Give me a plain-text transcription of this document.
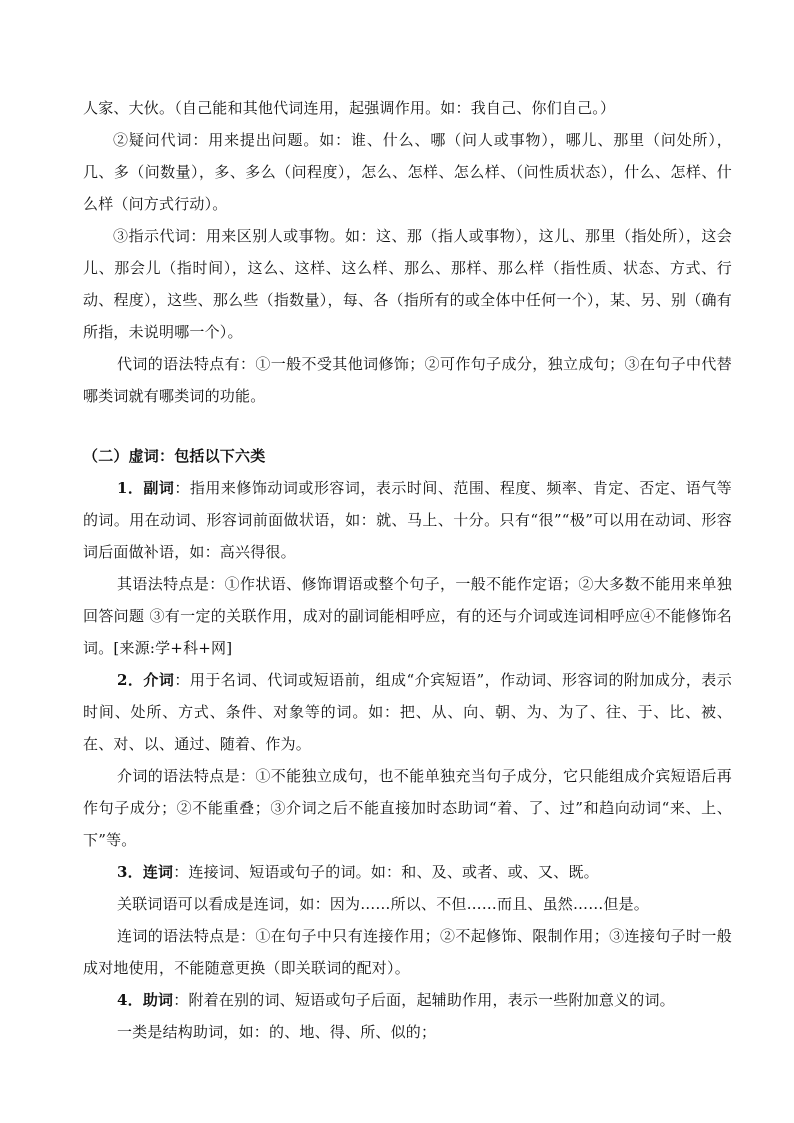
人家、大伙。（自己能和其他代词连用，起强调作用。如：我自己、你们自己。）

②疑问代词：用来提出问题。如：谁、什么、哪（问人或事物），哪儿、那里（问处所），几、多（问数量），多、多么（问程度），怎么、怎样、怎么样、（问性质状态），什么、怎样、什么样（问方式行动）。

③指示代词：用来区别人或事物。如：这、那（指人或事物），这儿、那里（指处所），这会儿、那会儿（指时间），这么、这样、这么样、那么、那样、那么样（指性质、状态、方式、行动、程度），这些、那么些（指数量），每、各（指所有的或全体中任何一个），某、另、别（确有所指，未说明哪一个）。

代词的语法特点有：①一般不受其他词修饰；②可作句子成分，独立成句；③在句子中代替哪类词就有哪类词的功能。

（二）虚词：包括以下六类

1．副词：指用来修饰动词或形容词，表示时间、范围、程度、频率、肯定、否定、语气等的词。用在动词、形容词前面做状语，如：就、马上、十分。只有“很”“极”可以用在动词、形容词后面做补语，如：高兴得很。

其语法特点是：①作状语、修饰谓语或整个句子，一般不能作定语；②大多数不能用来单独回答问题 ③有一定的关联作用，成对的副词能相呼应，有的还与介词或连词相呼应④不能修饰名词。[来源:学+科+网]

2．介词：用于名词、代词或短语前，组成“介宾短语”，作动词、形容词的附加成分，表示时间、处所、方式、条件、对象等的词。如：把、从、向、朝、为、为了、往、于、比、被、在、对、以、通过、随着、作为。

介词的语法特点是：①不能独立成句，也不能单独充当句子成分，它只能组成介宾短语后再作句子成分；②不能重叠；③介词之后不能直接加时态助词“着、了、过”和趋向动词“来、上、下”等。

3．连词：连接词、短语或句子的词。如：和、及、或者、或、又、既。

关联词语可以看成是连词，如：因为……所以、不但……而且、虽然……但是。

连词的语法特点是：①在句子中只有连接作用；②不起修饰、限制作用；③连接句子时一般成对地使用，不能随意更换（即关联词的配对）。

4．助词：附着在别的词、短语或句子后面，起辅助作用，表示一些附加意义的词。

一类是结构助词，如：的、地、得、所、似的；
